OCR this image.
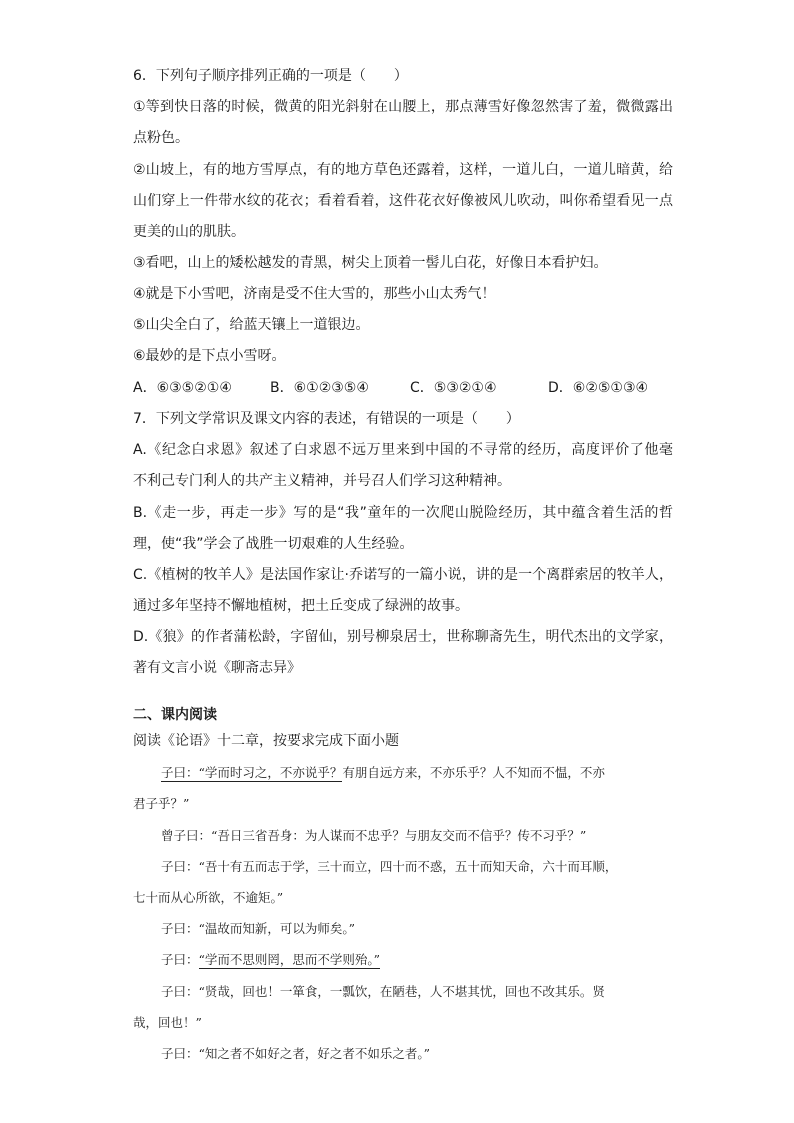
6．下列句子顺序排列正确的一项是（　　）
①等到快日落的时候，微黄的阳光斜射在山腰上，那点薄雪好像忽然害了羞，微微露出
点粉色。
②山坡上，有的地方雪厚点，有的地方草色还露着，这样，一道儿白，一道儿暗黄，给
山们穿上一件带水纹的花衣；看着看着，这件花衣好像被风儿吹动，叫你希望看见一点
更美的山的肌肤。
③看吧，山上的矮松越发的青黑，树尖上顶着一髻儿白花，好像日本看护妇。
④就是下小雪吧，济南是受不住大雪的，那些小山太秀气！
⑤山尖全白了，给蓝天镶上一道银边。
⑥最妙的是下点小雪呀。
A．⑥③⑤②①④	B．⑥①②③⑤④	C．⑤③②①④	D．⑥②⑤①③④
7．下列文学常识及课文内容的表述，有错误的一项是（　　）
A.《纪念白求恩》叙述了白求恩不远万里来到中国的不寻常的经历，高度评价了他毫
不利己专门利人的共产主义精神，并号召人们学习这种精神。
B.《走一步，再走一步》写的是“我”童年的一次爬山脱险经历，其中蕴含着生活的哲
理，使“我”学会了战胜一切艰难的人生经验。
C.《植树的牧羊人》是法国作家让·乔诺写的一篇小说，讲的是一个离群索居的牧羊人，
通过多年坚持不懈地植树，把土丘变成了绿洲的故事。
D.《狼》的作者蒲松龄，字留仙，别号柳泉居士，世称聊斋先生，明代杰出的文学家，
著有文言小说《聊斋志异》
二、课内阅读
阅读《论语》十二章，按要求完成下面小题
子曰：“学而时习之，不亦说乎？有朋自远方来，不亦乐乎？人不知而不愠，不亦
君子乎？”
曾子曰：“吾日三省吾身：为人谋而不忠乎？与朋友交而不信乎？传不习乎？”
子曰：“吾十有五而志于学，三十而立，四十而不惑，五十而知天命，六十而耳顺，
七十而从心所欲，不逾矩。”
子曰：“温故而知新，可以为师矣。”
子曰：“学而不思则罔，思而不学则殆。”
子曰：“贤哉，回也！一箪食，一瓢饮，在陋巷，人不堪其忧，回也不改其乐。贤
哉，回也！”
子曰：“知之者不如好之者，好之者不如乐之者。”
